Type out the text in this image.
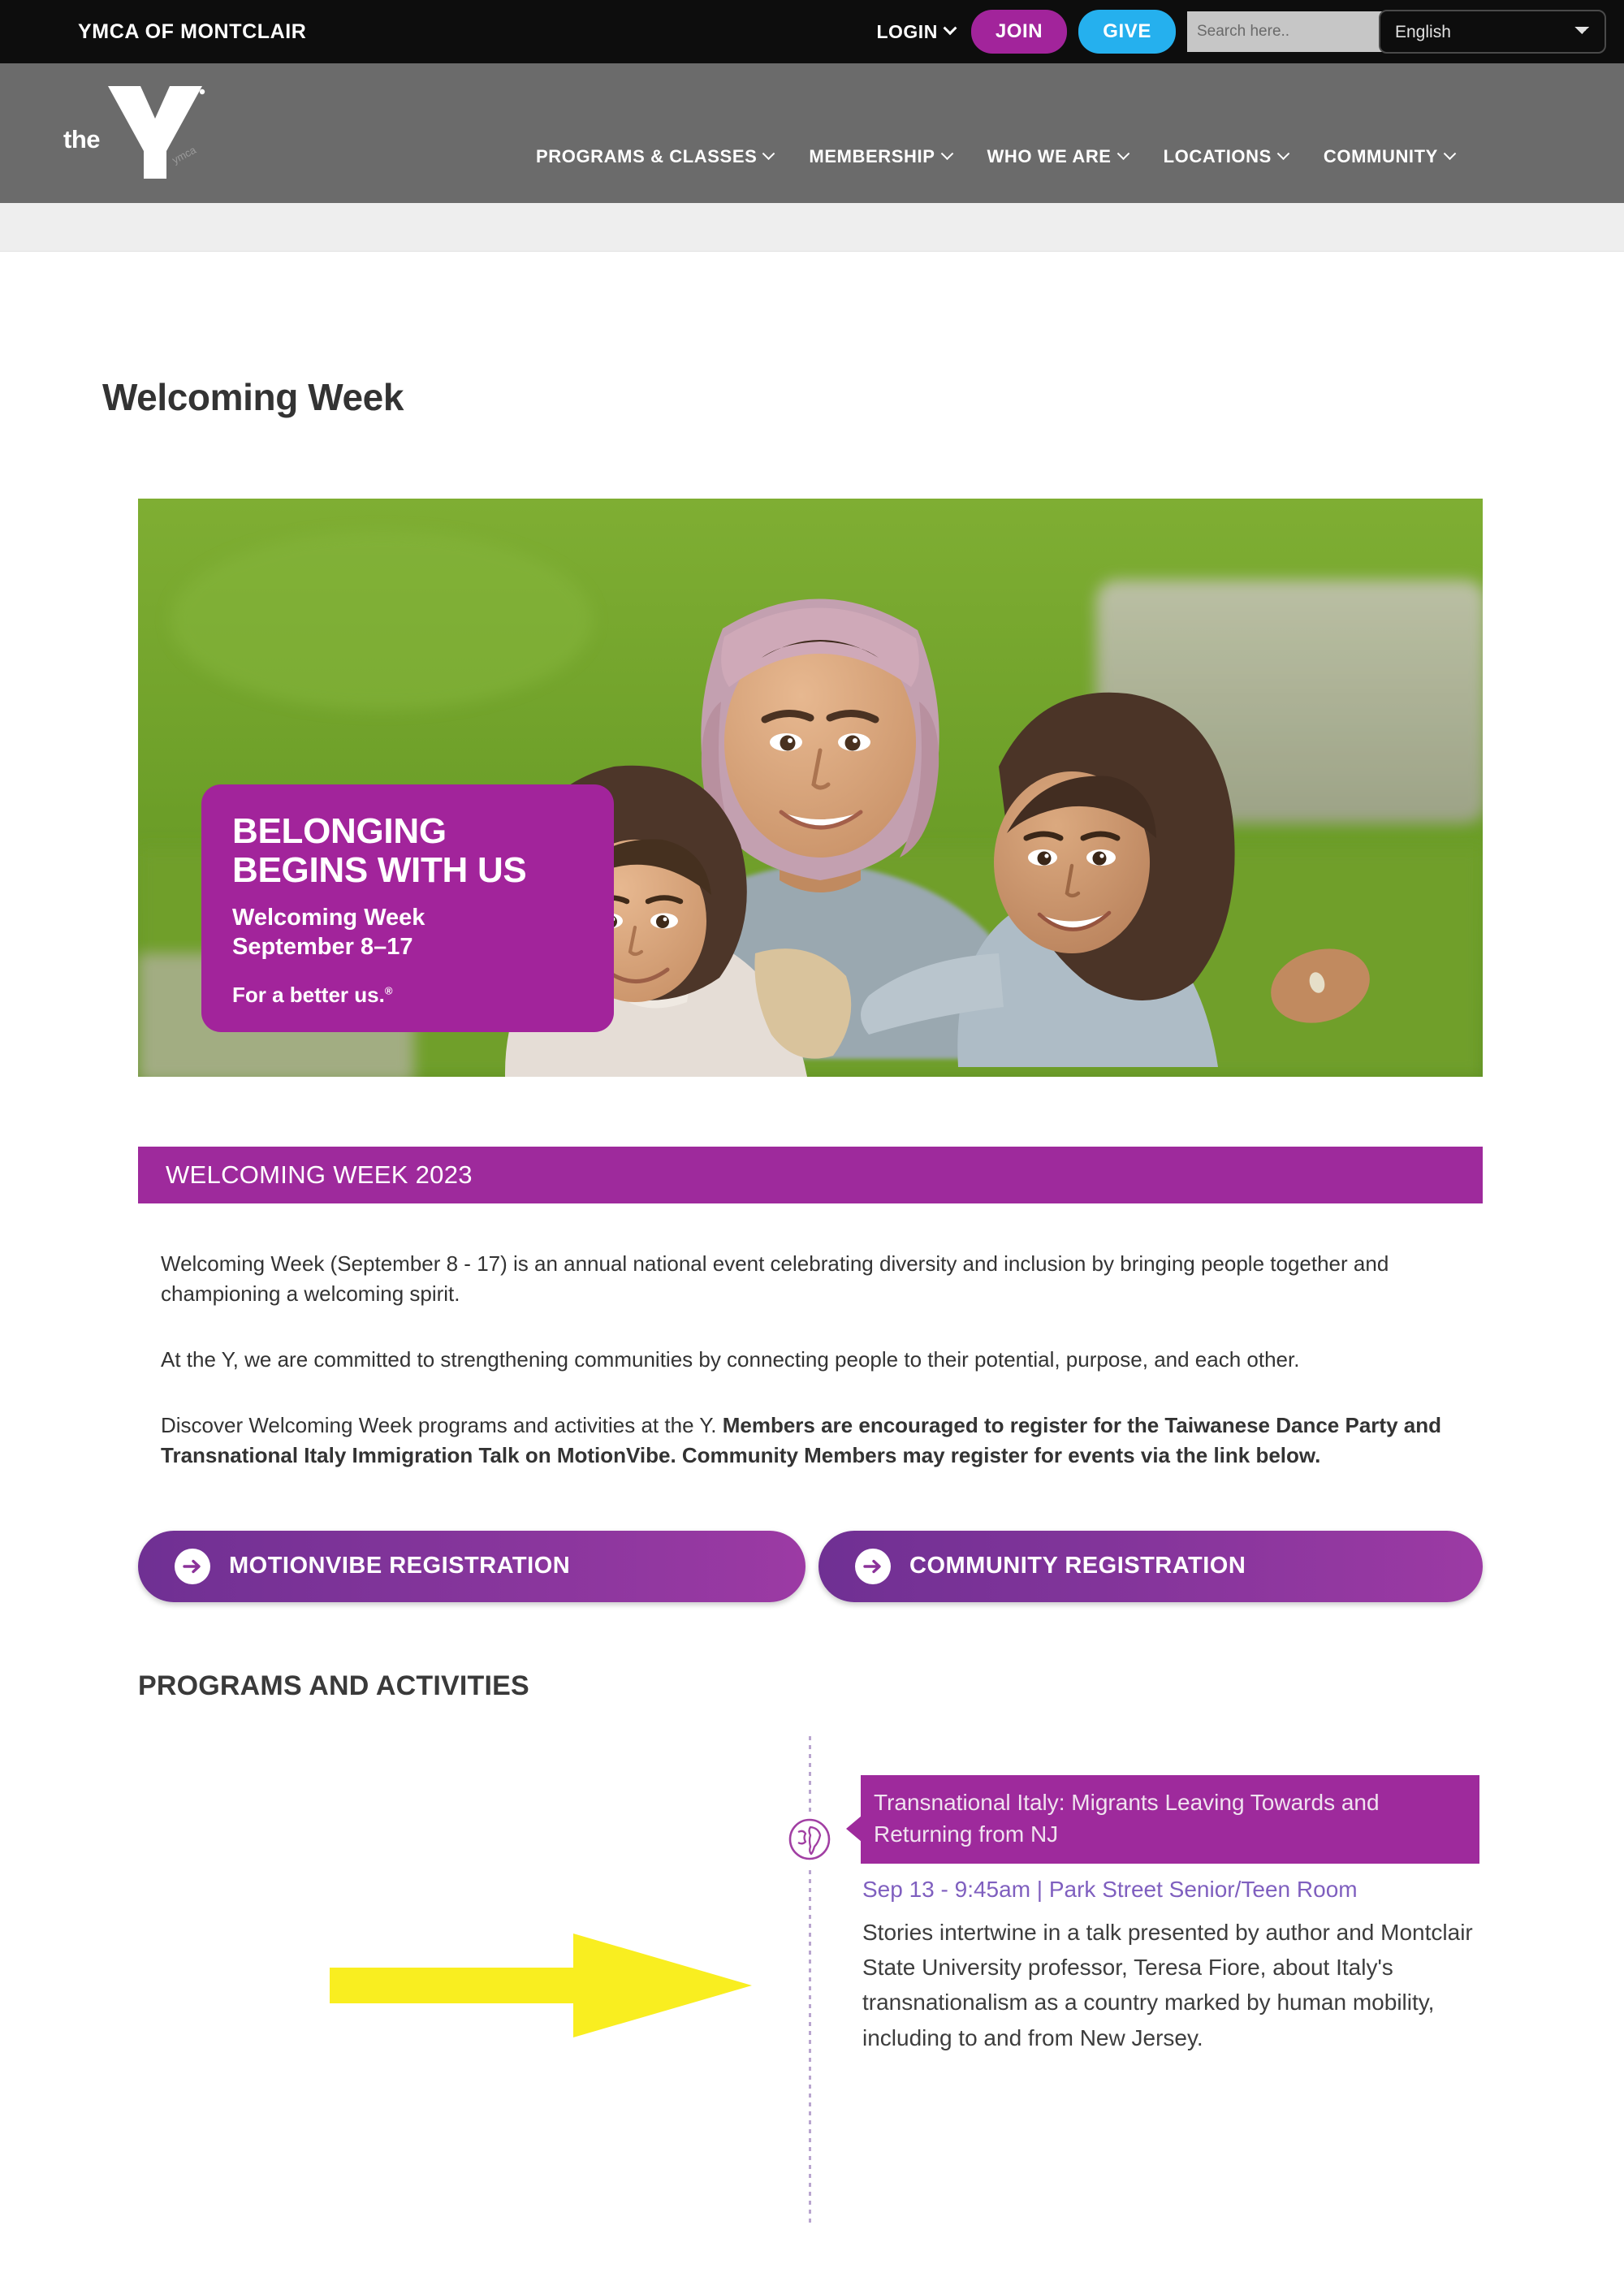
YMCA OF MONTCLAIR	LOGIN	JOIN	GIVE
Search here..
English
the
ymca	PROGRAMS & CLASSES	MEMBERSHIP	WHO WE ARE	LOCATIONS	COMMUNITY
Welcoming Week
BELONGING
BEGINS WITH US
Welcoming Week
September 8–17
For a better us.®
WELCOMING WEEK 2023

Welcoming Week (September 8 - 17) is an annual national event celebrating diversity and inclusion by bringing people together and championing a welcoming spirit.

At the Y, we are committed to strengthening communities by connecting people to their potential, purpose, and each other.

Discover Welcoming Week programs and activities at the Y. Members are encouraged to register for the Taiwanese Dance Party and Transnational Italy Immigration Talk on MotionVibe. Community Members may register for events via the link below.

MOTIONVIBE REGISTRATION	COMMUNITY REGISTRATION
PROGRAMS AND ACTIVITIES
Transnational Italy: Migrants Leaving Towards and Returning from NJ
Sep 13 - 9:45am | Park Street Senior/Teen Room
Stories intertwine in a talk presented by author and Montclair State University professor, Teresa Fiore, about Italy's transnationalism as a country marked by human mobility, including to and from New Jersey.
